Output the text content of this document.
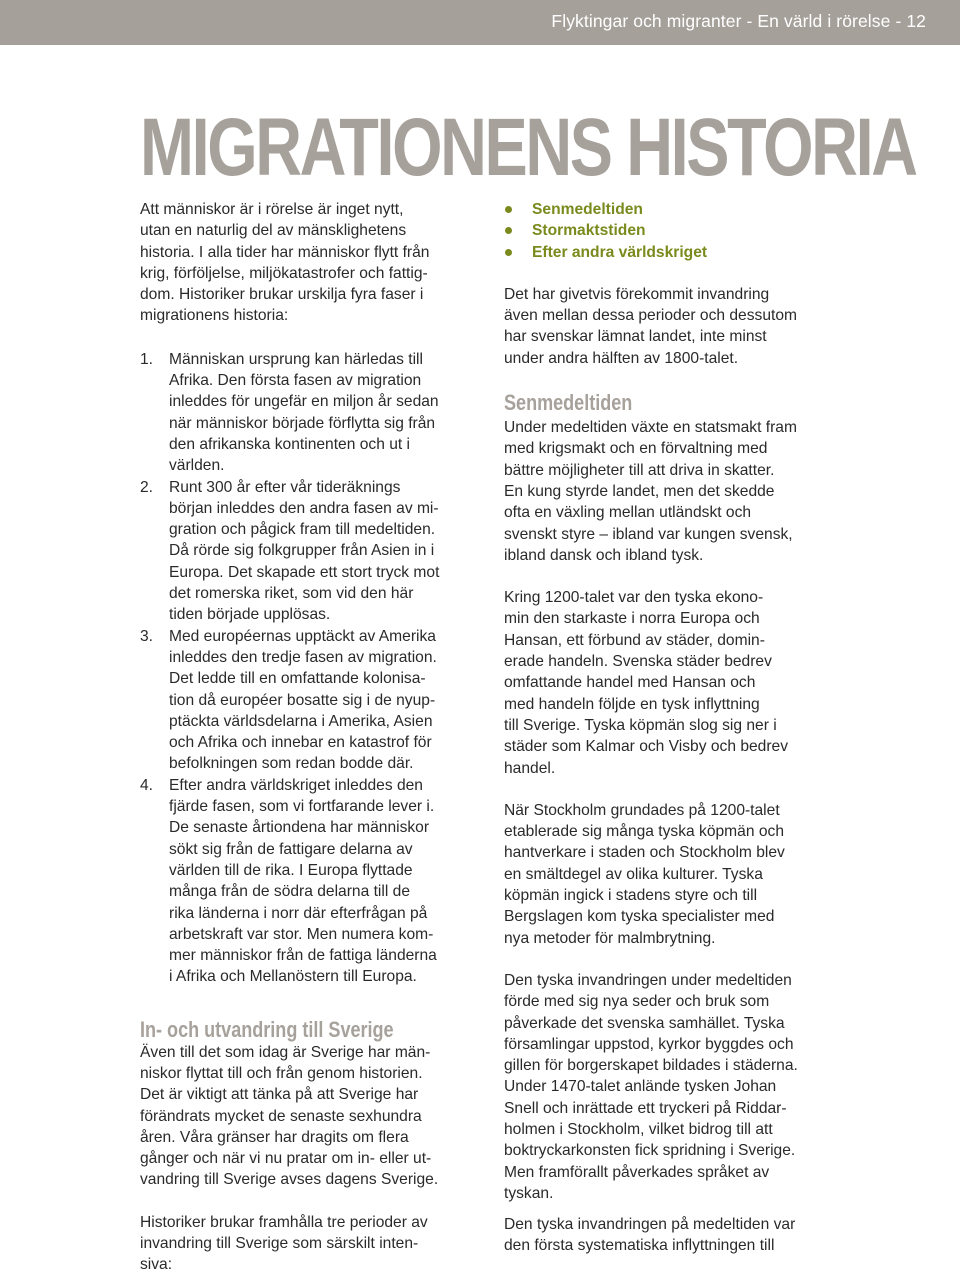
Flyktingar och migranter - En värld i rörelse - 12
MIGRATIONENS HISTORIA

Att människor är i rörelse är inget nytt,
utan en naturlig del av mänsklighetens
historia. I alla tider har människor flytt från
krig, förföljelse, miljökatastrofer och fattig-
dom. Historiker brukar urskilja fyra faser i
migrationens historia:

1. Människan ursprung kan härledas till
Afrika. Den första fasen av migration
inleddes för ungefär en miljon år sedan
när människor började förflytta sig från
den afrikanska kontinenten och ut i
världen.
2. Runt 300 år efter vår tideräknings
början inleddes den andra fasen av mi-
gration och pågick fram till medeltiden.
Då rörde sig folkgrupper från Asien in i
Europa. Det skapade ett stort tryck mot
det romerska riket, som vid den här
tiden började upplösas.
3. Med européernas upptäckt av Amerika
inleddes den tredje fasen av migration.
Det ledde till en omfattande kolonisa-
tion då européer bosatte sig i de nyup-
ptäckta världsdelarna i Amerika, Asien
och Afrika och innebar en katastrof för
befolkningen som redan bodde där.
4. Efter andra världskriget inleddes den
fjärde fasen, som vi fortfarande lever i.
De senaste årtiondena har människor
sökt sig från de fattigare delarna av
världen till de rika. I Europa flyttade
många från de södra delarna till de
rika länderna i norr där efterfrågan på
arbetskraft var stor. Men numera kom-
mer människor från de fattiga länderna
i Afrika och Mellanöstern till Europa.
In- och utvandring till Sverige

Även till det som idag är Sverige har män-
niskor flyttat till och från genom historien.
Det är viktigt att tänka på att Sverige har
förändrats mycket de senaste sexhundra
åren. Våra gränser har dragits om flera
gånger och när vi nu pratar om in- eller ut-
vandring till Sverige avses dagens Sverige.

Historiker brukar framhålla tre perioder av
invandring till Sverige som särskilt inten-
siva:

Senmedeltiden
Stormaktstiden
Efter andra världskriget

Det har givetvis förekommit invandring
även mellan dessa perioder och dessutom
har svenskar lämnat landet, inte minst
under andra hälften av 1800-talet.

Senmedeltiden

Under medeltiden växte en statsmakt fram
med krigsmakt och en förvaltning med
bättre möjligheter till att driva in skatter.
En kung styrde landet, men det skedde
ofta en växling mellan utländskt och
svenskt styre – ibland var kungen svensk,
ibland dansk och ibland tysk.

Kring 1200-talet var den tyska ekono-
min den starkaste i norra Europa och
Hansan, ett förbund av städer, domin-
erade handeln. Svenska städer bedrev
omfattande handel med Hansan och
med handeln följde en tysk inflyttning
till Sverige. Tyska köpmän slog sig ner i
städer som Kalmar och Visby och bedrev
handel.

När Stockholm grundades på 1200-talet
etablerade sig många tyska köpmän och
hantverkare i staden och Stockholm blev
en smältdegel av olika kulturer. Tyska
köpmän ingick i stadens styre och till
Bergslagen kom tyska specialister med
nya metoder för malmbrytning.

Den tyska invandringen under medeltiden
förde med sig nya seder och bruk som
påverkade det svenska samhället. Tyska
församlingar uppstod, kyrkor byggdes och
gillen för borgerskapet bildades i städerna.
Under 1470-talet anlände tysken Johan
Snell och inrättade ett tryckeri på Riddar-
holmen i Stockholm, vilket bidrog till att
boktryckarkonsten fick spridning i Sverige.
Men framförallt påverkades språket av
tyskan.

Den tyska invandringen på medeltiden var
den första systematiska inflyttningen till
